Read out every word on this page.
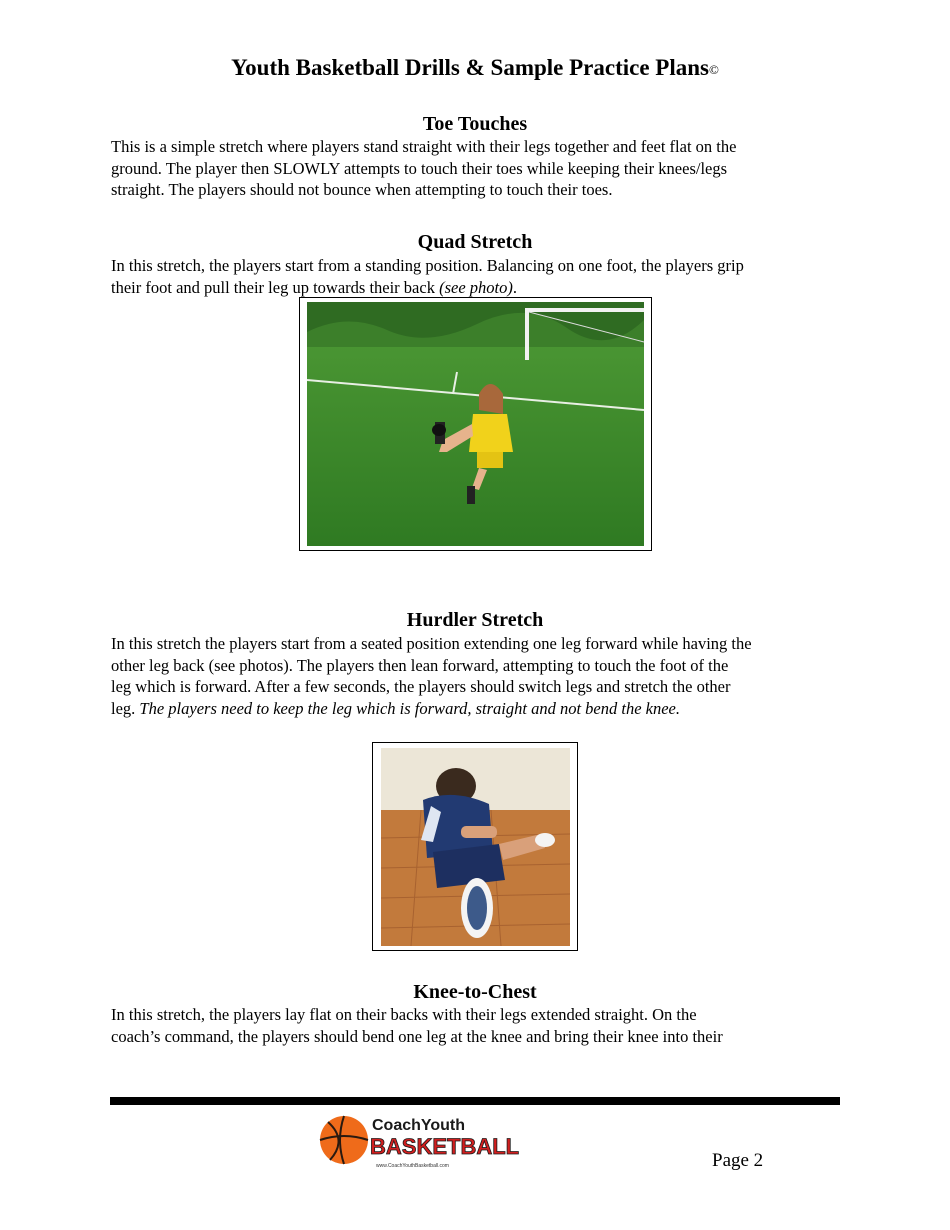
Youth Basketball Drills & Sample Practice Plans©
Toe Touches
This is a simple stretch where players stand straight with their legs together and feet flat on the
ground. The player then SLOWLY attempts to touch their toes while keeping their knees/legs
straight. The players should not bounce when attempting to touch their toes.
Quad Stretch
In this stretch, the players start from a standing position. Balancing on one foot, the players grip
their foot and pull their leg up towards their back (see photo).
Hurdler Stretch
In this stretch the players start from a seated position extending one leg forward while having the
other leg back (see photos). The players then lean forward, attempting to touch the foot of the
leg which is forward. After a few seconds, the players should switch legs and stretch the other
leg. The players need to keep the leg which is forward, straight and not bend the knee.
Knee-to-Chest
In this stretch, the players lay flat on their backs with their legs extended straight. On the
coach’s command, the players should bend one leg at the knee and bring their knee into their
CoachYouth
BASKETBALL
www.CoachYouthBasketball.com	Page 2
